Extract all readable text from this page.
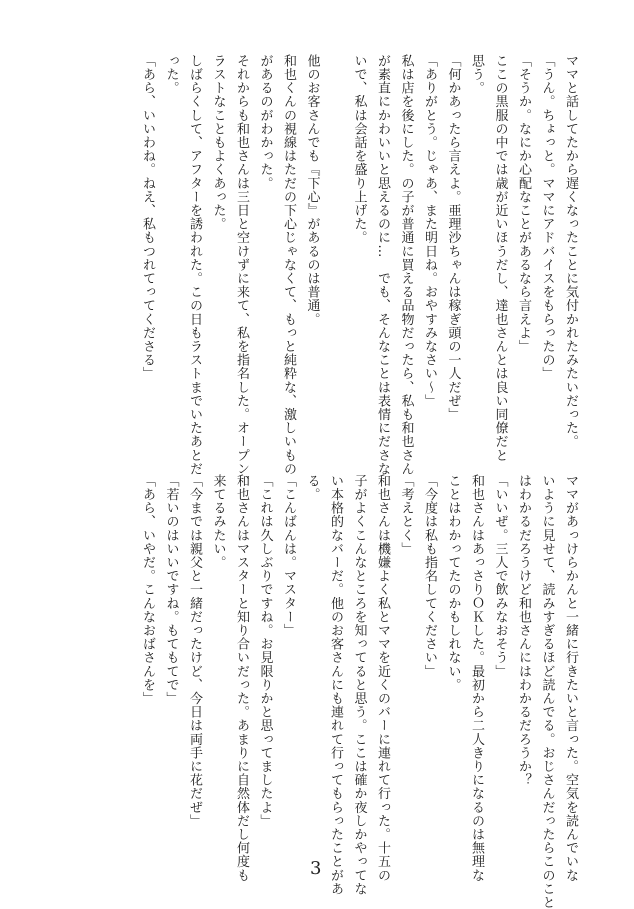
ママと話してたから遅くなったことに気付かれたみたいだった。
「うん。ちょっと。ママにアドバイスをもらったの」
「そうか。なにか心配なことがあるなら言えよ」
ここの黒服の中では歳が近いほうだし、達也さんとは良い同僚だと
思う。
「何かあったら言えよ。亜理沙ちゃんは稼ぎ頭の一人だぜ」
「ありがとう。じゃあ、また明日ね。おやすみなさい～」
私は店を後にした。の子が普通に買える品物だったら、私も和也さん
が素直にかわいいと思えるのに…　でも、そんなことは表情にださな
いで、私は会話を盛り上げた。
他のお客さんでも『下心』があるのは普通。
和也くんの視線はただの下心じゃなくて、もっと純粋な、激しいもの
があるのがわかった。
それからも和也さんは三日と空けずに来て、私を指名した。オープン、
ラストなこともよくあった。
しばらくして、アフターを誘われた。この日もラストまでいたあとだ
った。
「あら、いいわね。ねえ、私もつれてってくださる」
ママがあっけらかんと一緒に行きたいと言った。空気を読んでいな
いように見せて、読みすぎるほど読んでる。おじさんだったらこのこと
はわかるだろうけど和也さんにはわかるだろうか？
「いいぜ。三人で飲みなおそう」
和也さんはあっさりＯＫした。最初から二人きりになるのは無理な
ことはわかってたのかもしれない。
「今度は私も指名してください」
「考えとく」
和也さんは機嫌よく私とママを近くのバーに連れて行った。十五の
子がよくこんなところを知ってると思う。ここは確か夜しかやってな
い本格的なバーだ。他のお客さんにも連れて行ってもらったことがあ
る。
「こんばんは。マスター」
「これは久しぶりですね。お見限りかと思ってましたよ」
和也さんはマスターと知り合いだった。あまりに自然体だし何度も
来てるみたい。
「今までは親父と一緒だったけど、今日は両手に花だぜ」
「若いのはいいですね。もてもてで」
「あら、いやだ。こんなおばさんを」
3
